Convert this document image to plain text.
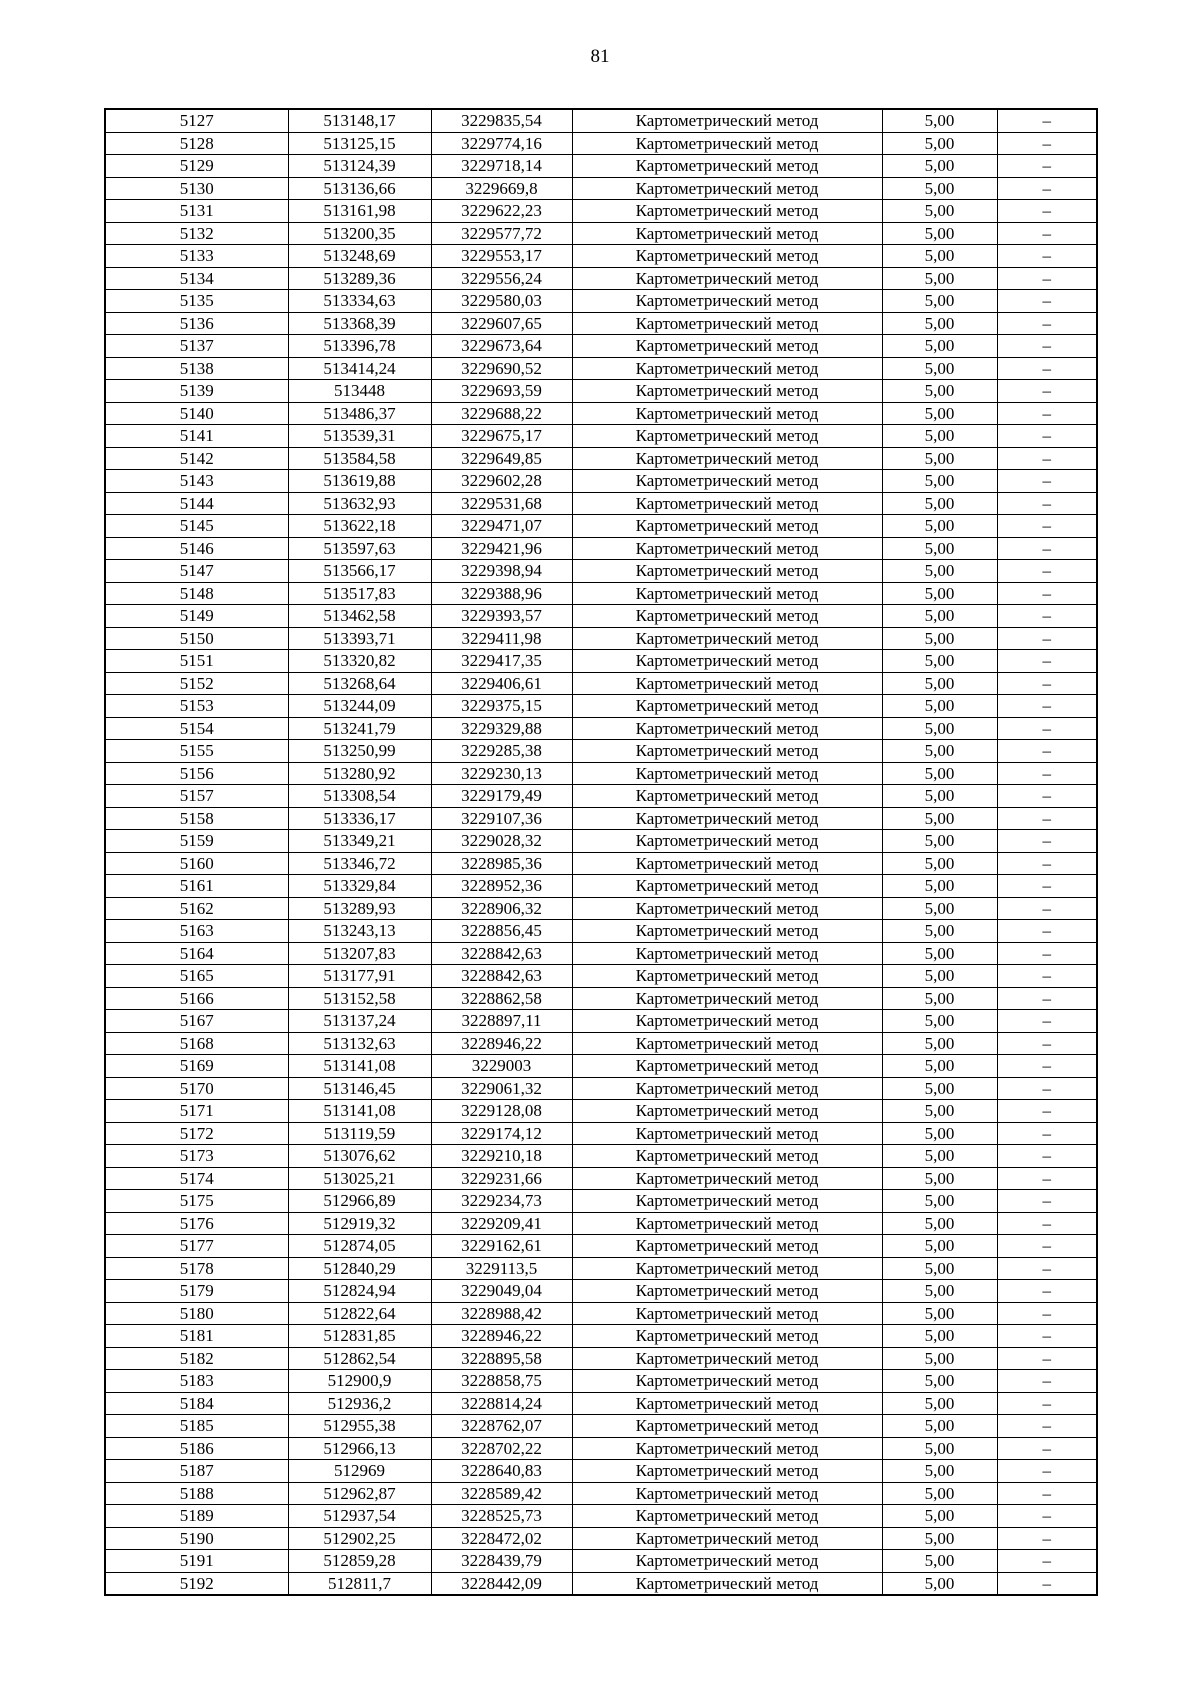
81
5127	513148,17	3229835,54	Картометрический метод	5,00	–
5128	513125,15	3229774,16	Картометрический метод	5,00	–
5129	513124,39	3229718,14	Картометрический метод	5,00	–
5130	513136,66	3229669,8	Картометрический метод	5,00	–
5131	513161,98	3229622,23	Картометрический метод	5,00	–
5132	513200,35	3229577,72	Картометрический метод	5,00	–
5133	513248,69	3229553,17	Картометрический метод	5,00	–
5134	513289,36	3229556,24	Картометрический метод	5,00	–
5135	513334,63	3229580,03	Картометрический метод	5,00	–
5136	513368,39	3229607,65	Картометрический метод	5,00	–
5137	513396,78	3229673,64	Картометрический метод	5,00	–
5138	513414,24	3229690,52	Картометрический метод	5,00	–
5139	513448	3229693,59	Картометрический метод	5,00	–
5140	513486,37	3229688,22	Картометрический метод	5,00	–
5141	513539,31	3229675,17	Картометрический метод	5,00	–
5142	513584,58	3229649,85	Картометрический метод	5,00	–
5143	513619,88	3229602,28	Картометрический метод	5,00	–
5144	513632,93	3229531,68	Картометрический метод	5,00	–
5145	513622,18	3229471,07	Картометрический метод	5,00	–
5146	513597,63	3229421,96	Картометрический метод	5,00	–
5147	513566,17	3229398,94	Картометрический метод	5,00	–
5148	513517,83	3229388,96	Картометрический метод	5,00	–
5149	513462,58	3229393,57	Картометрический метод	5,00	–
5150	513393,71	3229411,98	Картометрический метод	5,00	–
5151	513320,82	3229417,35	Картометрический метод	5,00	–
5152	513268,64	3229406,61	Картометрический метод	5,00	–
5153	513244,09	3229375,15	Картометрический метод	5,00	–
5154	513241,79	3229329,88	Картометрический метод	5,00	–
5155	513250,99	3229285,38	Картометрический метод	5,00	–
5156	513280,92	3229230,13	Картометрический метод	5,00	–
5157	513308,54	3229179,49	Картометрический метод	5,00	–
5158	513336,17	3229107,36	Картометрический метод	5,00	–
5159	513349,21	3229028,32	Картометрический метод	5,00	–
5160	513346,72	3228985,36	Картометрический метод	5,00	–
5161	513329,84	3228952,36	Картометрический метод	5,00	–
5162	513289,93	3228906,32	Картометрический метод	5,00	–
5163	513243,13	3228856,45	Картометрический метод	5,00	–
5164	513207,83	3228842,63	Картометрический метод	5,00	–
5165	513177,91	3228842,63	Картометрический метод	5,00	–
5166	513152,58	3228862,58	Картометрический метод	5,00	–
5167	513137,24	3228897,11	Картометрический метод	5,00	–
5168	513132,63	3228946,22	Картометрический метод	5,00	–
5169	513141,08	3229003	Картометрический метод	5,00	–
5170	513146,45	3229061,32	Картометрический метод	5,00	–
5171	513141,08	3229128,08	Картометрический метод	5,00	–
5172	513119,59	3229174,12	Картометрический метод	5,00	–
5173	513076,62	3229210,18	Картометрический метод	5,00	–
5174	513025,21	3229231,66	Картометрический метод	5,00	–
5175	512966,89	3229234,73	Картометрический метод	5,00	–
5176	512919,32	3229209,41	Картометрический метод	5,00	–
5177	512874,05	3229162,61	Картометрический метод	5,00	–
5178	512840,29	3229113,5	Картометрический метод	5,00	–
5179	512824,94	3229049,04	Картометрический метод	5,00	–
5180	512822,64	3228988,42	Картометрический метод	5,00	–
5181	512831,85	3228946,22	Картометрический метод	5,00	–
5182	512862,54	3228895,58	Картометрический метод	5,00	–
5183	512900,9	3228858,75	Картометрический метод	5,00	–
5184	512936,2	3228814,24	Картометрический метод	5,00	–
5185	512955,38	3228762,07	Картометрический метод	5,00	–
5186	512966,13	3228702,22	Картометрический метод	5,00	–
5187	512969	3228640,83	Картометрический метод	5,00	–
5188	512962,87	3228589,42	Картометрический метод	5,00	–
5189	512937,54	3228525,73	Картометрический метод	5,00	–
5190	512902,25	3228472,02	Картометрический метод	5,00	–
5191	512859,28	3228439,79	Картометрический метод	5,00	–
5192	512811,7	3228442,09	Картометрический метод	5,00	–
